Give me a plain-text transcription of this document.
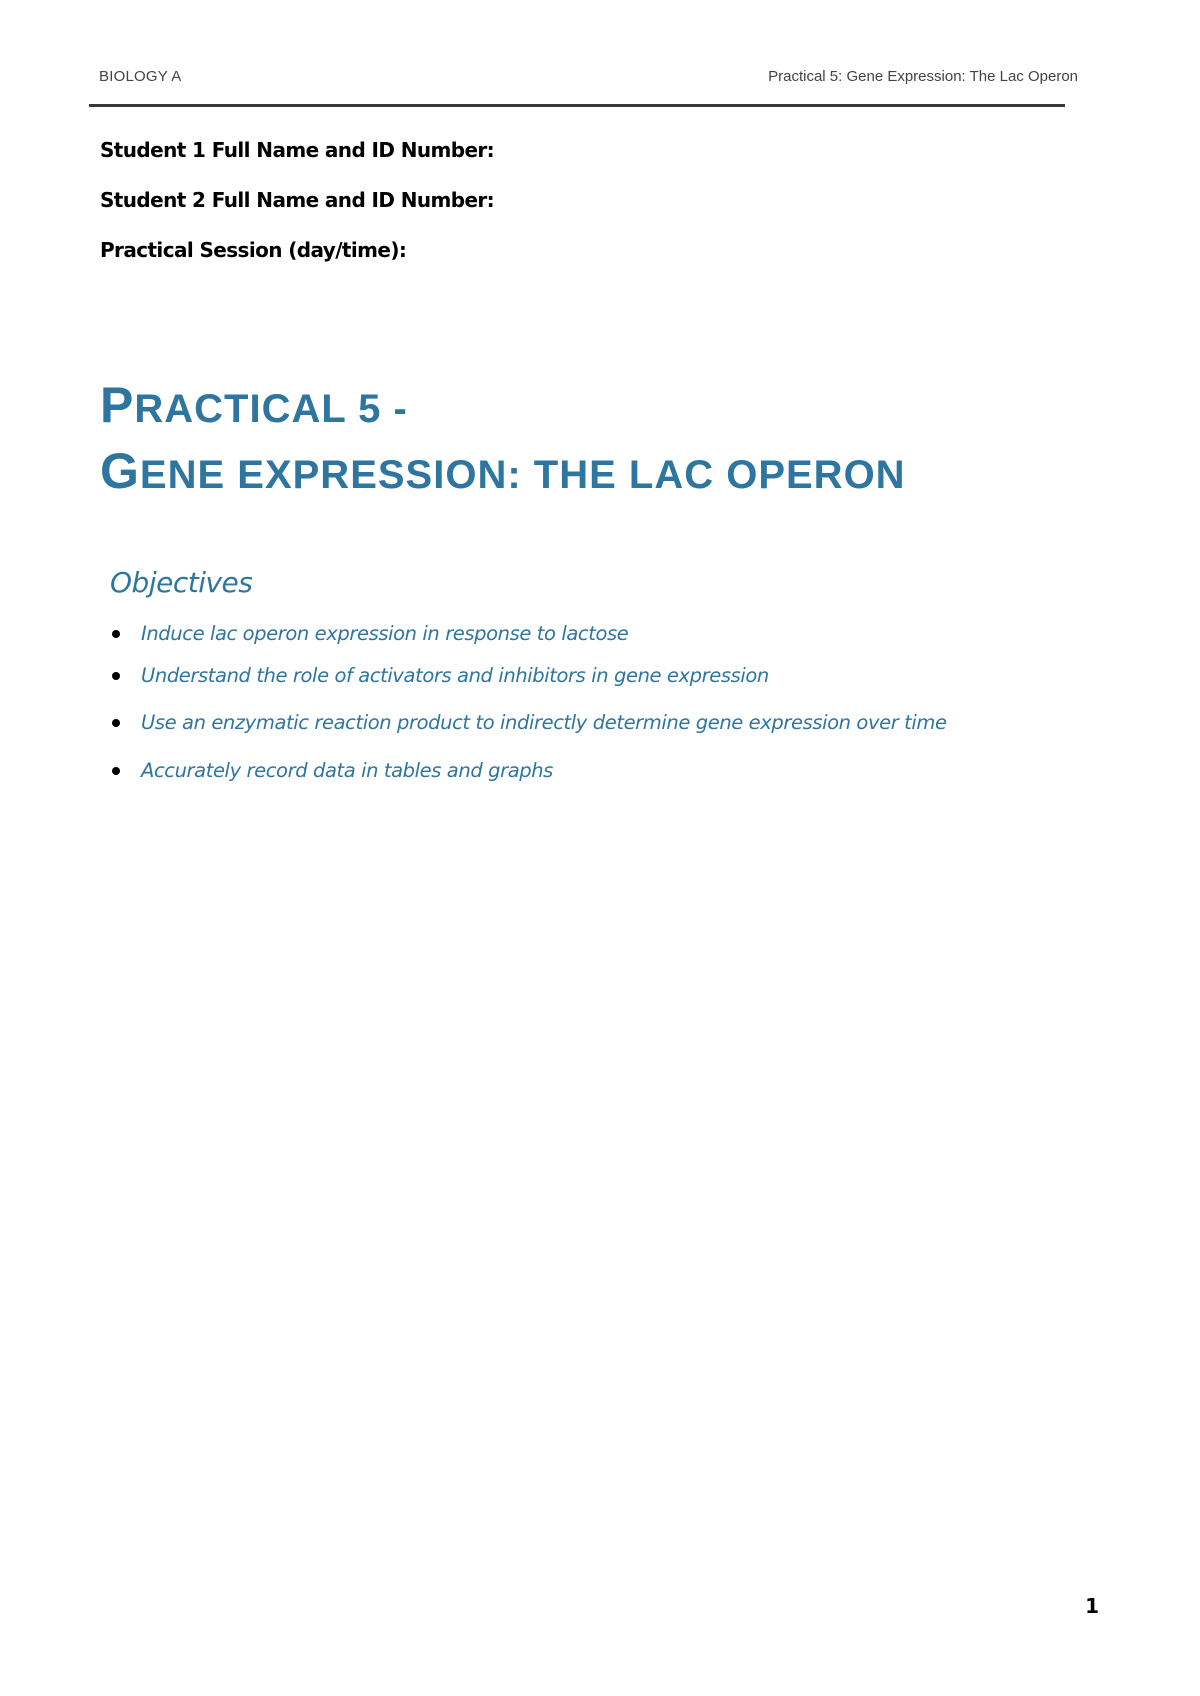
BIOLOGY A	Practical 5: Gene Expression: The Lac Operon
Student 1 Full Name and ID Number:
Student 2 Full Name and ID Number:
Practical Session (day/time):
PRACTICAL 5 -
GENE EXPRESSION: THE LAC OPERON
Objectives
Induce lac operon expression in response to lactose
Understand the role of activators and inhibitors in gene expression
Use an enzymatic reaction product to indirectly determine gene expression over time
Accurately record data in tables and graphs
1
